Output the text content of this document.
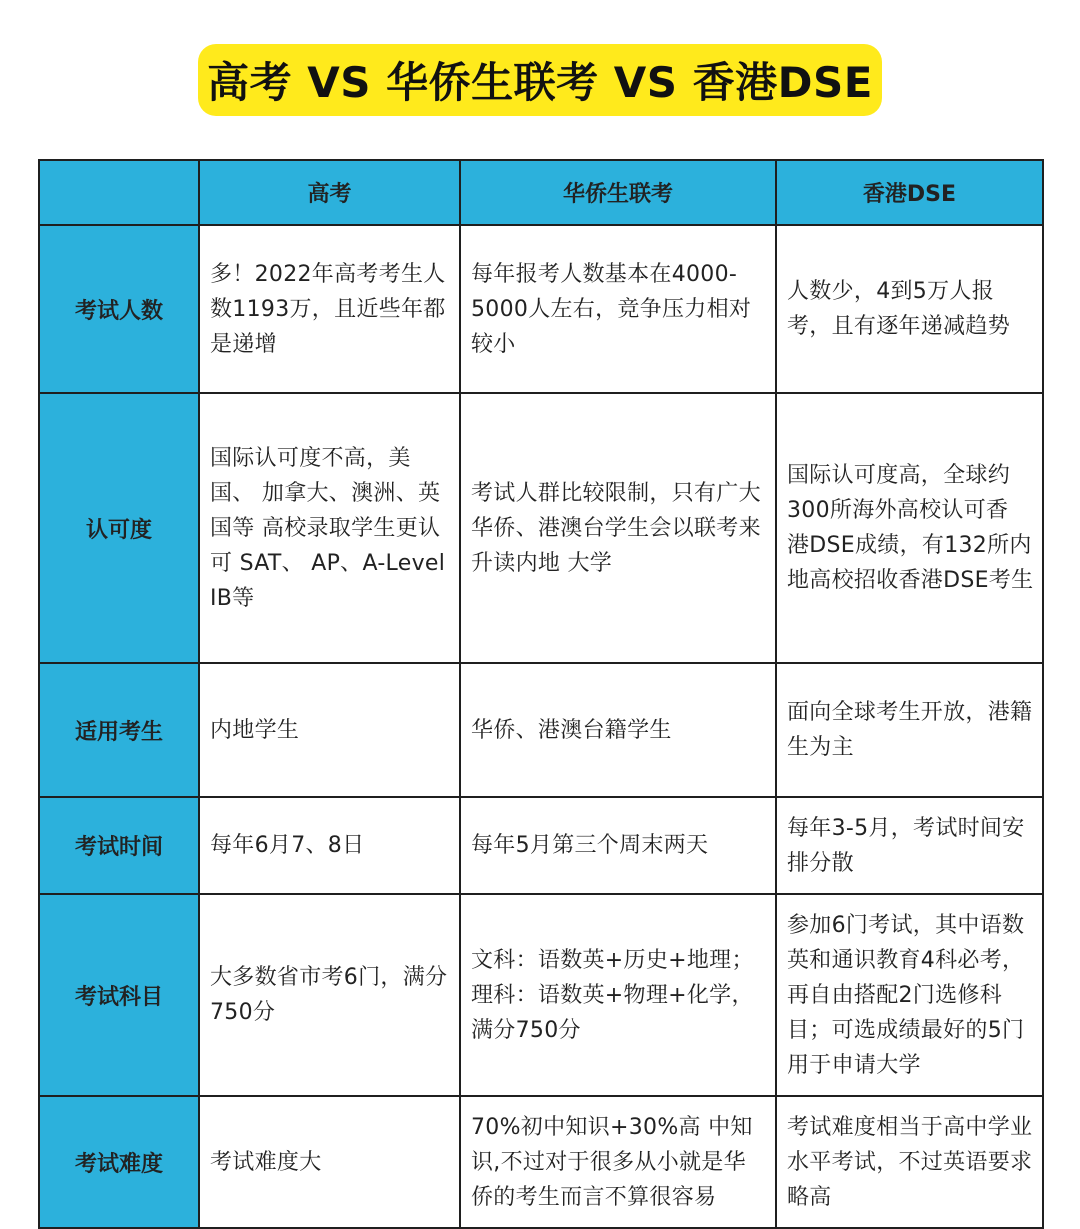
高考 VS 华侨生联考 VS 香港DSE
	高考	华侨生联考	香港DSE
考试人数	多！2022年高考考生人数1193万，且近些年都是递增	每年报考人数基本在4000-5000人左右，竞争压力相对较小	人数少，4到5万人报考，且有逐年递减趋势
认可度	国际认可度不高，美国、 加拿大、澳洲、英国等 高校录取学生更认可 SAT、 AP、A-Level IB等	考试人群比较限制，只有广大华侨、港澳台学生会以联考来升读内地 大学	国际认可度高，全球约300所海外高校认可香 港DSE成绩，有132所内地高校招收香港DSE考生
适用考生	内地学生	华侨、港澳台籍学生	面向全球考生开放，港籍生为主
考试时间	每年6月7、8日	每年5月第三个周末两天	每年3-5月，考试时间安排分散
考试科目	大多数省市考6门，满分 750分	文科：语数英+历史+地理；理科：语数英+物理+化学，满分750分	参加6门考试，其中语数英和通识教育4科必考，再自由搭配2门选修科目；可选成绩最好的5门用于申请大学
考试难度	考试难度大	70%初中知识+30%高 中知识,不过对于很多从小就是华侨的考生而言不算很容易	考试难度相当于高中学业水平考试，不过英语要求略高
